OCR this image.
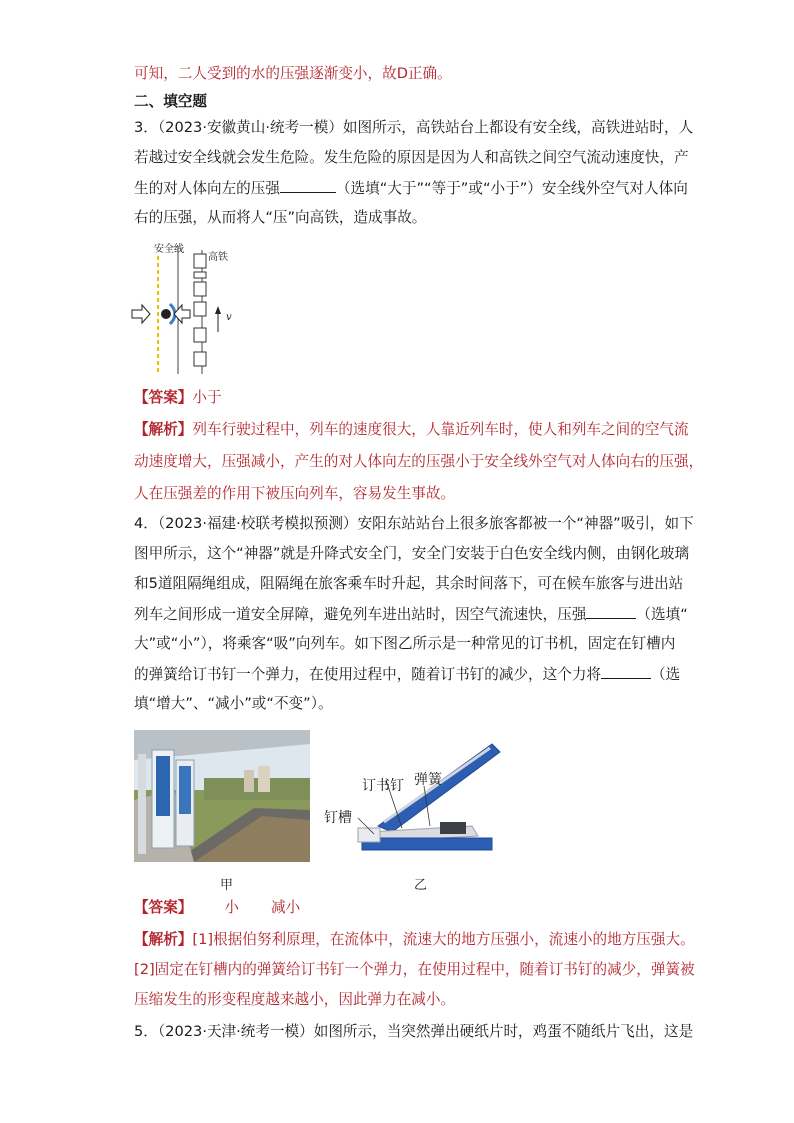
可知，二人受到的水的压强逐渐变小，故D正确。
二、填空题
3．（2023·安徽黄山·统考一模）如图所示，高铁站台上都设有安全线，高铁进站时，人
若越过安全线就会发生危险。发生危险的原因是因为人和高铁之间空气流动速度快，产
生的对人体向左的压强	（选填“大于”“等于”或“小于”）安全线外空气对人体向
右的压强，从而将人“压”向高铁，造成事故。
安全线
高铁
v
【答案】小于
【解析】列车行驶过程中，列车的速度很大，人靠近列车时，使人和列车之间的空气流
动速度增大，压强减小，产生的对人体向左的压强小于安全线外空气对人体向右的压强，
人在压强差的作用下被压向列车，容易发生事故。
4．（2023·福建·校联考模拟预测）安阳东站站台上很多旅客都被一个“神器”吸引，如下
图甲所示，这个“神器”就是升降式安全门，安全门安装于白色安全线内侧，由钢化玻璃
和5道阻隔绳组成，阻隔绳在旅客乘车时升起，其余时间落下，可在候车旅客与进出站
列车之间形成一道安全屏障，避免列车进出站时，因空气流速快，压强	（选填“
大”或“小”），将乘客“吸”向列车。如下图乙所示是一种常见的订书机，固定在钉槽内
的弹簧给订书钉一个弹力，在使用过程中，随着订书钉的减少，这个力将	（选
填“增大”、“减小”或“不变”）。
订书钉 弹簧
钉槽
甲	乙
【答案】 小 减小
【解析】[1]根据伯努利原理，在流体中，流速大的地方压强小，流速小的地方压强大。
[2]固定在钉槽内的弹簧给订书钉一个弹力，在使用过程中，随着订书钉的减少，弹簧被
压缩发生的形变程度越来越小，因此弹力在减小。
5．（2023·天津·统考一模）如图所示，当突然弹出硬纸片时，鸡蛋不随纸片飞出，这是
